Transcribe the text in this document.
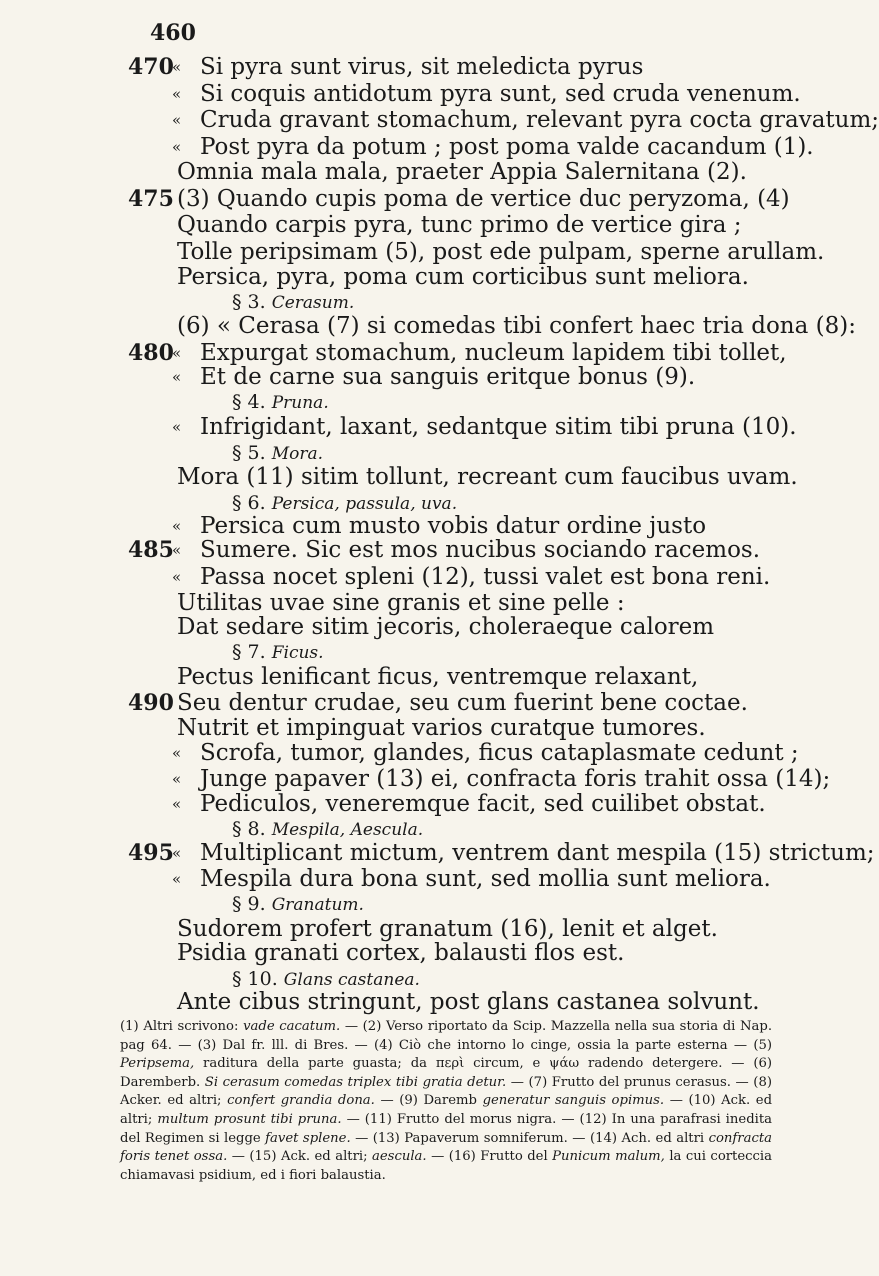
460
470
« Si pyra sunt virus, sit meledicta pyrus
« Si coquis antidotum pyra sunt, sed cruda venenum.
« Cruda gravant stomachum, relevant pyra cocta gravatum;
« Post pyra da potum ; post poma valde cacandum (1).
Omnia mala mala, praeter Appia Salernitana (2).
475 (3) Quando cupis poma de vertice duc peryzoma, (4)
Quando carpis pyra, tunc primo de vertice gira ;
Tolle peripsimam (5), post ede pulpam, sperne arullam.
Persica, pyra, poma cum corticibus sunt meliora.
§ 3. Cerasum.
(6) « Cerasa (7) si comedas tibi confert haec tria dona (8):
480
« Expurgat stomachum, nucleum lapidem tibi tollet,
« Et de carne sua sanguis eritque bonus (9).
§ 4. Pruna.
« Infrigidant, laxant, sedantque sitim tibi pruna (10).
§ 5. Mora.
Mora (11) sitim tollunt, recreant cum faucibus uvam.
§ 6. Persica, passula, uva.
« Persica cum musto vobis datur ordine justo
485
« Sumere. Sic est mos nucibus sociando racemos.
« Passa nocet spleni (12), tussi valet est bona reni.
Utilitas uvae sine granis et sine pelle :
Dat sedare sitim jecoris, choleraeque calorem
§ 7. Ficus.
Pectus lenificant ficus, ventremque relaxant,
490 Seu dentur crudae, seu cum fuerint bene coctae.
Nutrit et impinguat varios curatque tumores.
« Scrofa, tumor, glandes, ficus cataplasmate cedunt ;
« Junge papaver (13) ei, confracta foris trahit ossa (14);
« Pediculos, veneremque facit, sed cuilibet obstat.
§ 8. Mespila, Aescula.
495
« Multiplicant mictum, ventrem dant mespila (15) strictum;
« Mespila dura bona sunt, sed mollia sunt meliora.
§ 9. Granatum.
Sudorem profert granatum (16), lenit et alget.
Psidia granati cortex, balausti flos est.
§ 10. Glans castanea.
Ante cibus stringunt, post glans castanea solvunt.
(1) Altri scrivono: vade cacatum. — (2) Verso riportato da Scip. Mazzella nella sua storia di Nap. pag 64. — (3) Dal fr. lll. di Bres. — (4) Ciò che intorno lo cinge, ossia la parte esterna — (5) Peripsema, raditura della parte guasta; da περὶ circum, e ψάω radendo detergere. — (6) Daremberb. Si cerasum comedas triplex tibi gratia detur. — (7) Frutto del prunus cerasus. — (8) Acker. ed altri; confert grandia dona. — (9) Daremb generatur sanguis opimus. — (10) Ack. ed altri; multum prosunt tibi pruna. — (11) Frutto del morus nigra. — (12) In una parafrasi inedita del Regimen si legge favet splene. — (13) Papaverum somniferum. — (14) Ach. ed altri confracta foris tenet ossa. — (15) Ack. ed altri; aescula. — (16) Frutto del Punicum malum, la cui corteccia chiamavasi psidium, ed i fiori balaustia.
